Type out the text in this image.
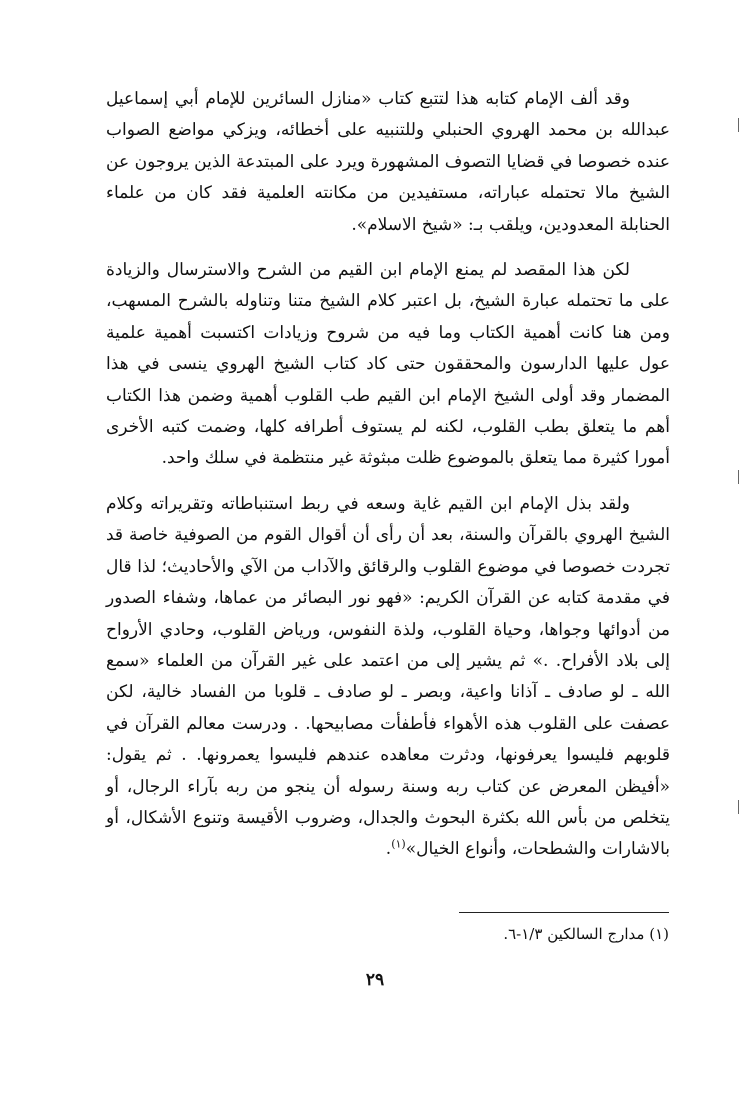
وقد ألف الإمام كتابه هذا لتتبع كتاب «منازل السائرين للإمام أبي إسماعيل عبدالله بن محمد الهروي الحنبلي وللتنبيه على أخطائه، ويزكي مواضع الصواب عنده خصوصا في قضايا التصوف المشهورة ويرد على المبتدعة الذين يروجون عن الشيخ مالا تحتمله عباراته، مستفيدين من مكانته العلمية فقد كان من علماء الحنابلة المعدودين، ويلقب بـ: «شيخ الاسلام».

لكن هذا المقصد لم يمنع الإمام ابن القيم من الشرح والاسترسال والزيادة على ما تحتمله عبارة الشيخ، بل اعتبر كلام الشيخ متنا وتناوله بالشرح المسهب، ومن هنا كانت أهمية الكتاب وما فيه من شروح وزيادات اكتسبت أهمية علمية عول عليها الدارسون والمحققون حتى كاد كتاب الشيخ الهروي ينسى في هذا المضمار وقد أولى الشيخ الإمام ابن القيم طب القلوب أهمية وضمن هذا الكتاب أهم ما يتعلق بطب القلوب، لكنه لم يستوف أطرافه كلها، وضمت كتبه الأخرى أمورا كثيرة مما يتعلق بالموضوع ظلت مبثوثة غير منتظمة في سلك واحد.

ولقد بذل الإمام ابن القيم غاية وسعه في ربط استنباطاته وتقريراته وكلام الشيخ الهروي بالقرآن والسنة، بعد أن رأى أن أقوال القوم من الصوفية خاصة قد تجردت خصوصا في موضوع القلوب والرقائق والآداب من الآي والأحاديث؛ لذا قال في مقدمة كتابه عن القرآن الكريم: «فهو نور البصائر من عماها، وشفاء الصدور من أدوائها وجواها، وحياة القلوب، ولذة النفوس، ورياض القلوب، وحادي الأرواح إلى بلاد الأفراح. .» ثم يشير إلى من اعتمد على غير القرآن من العلماء «سمع الله ـ لو صادف ـ آذانا واعية، وبصر ـ لو صادف ـ قلوبا من الفساد خالية، لكن عصفت على القلوب هذه الأهواء فأطفأت مصابيحها. . ودرست معالم القرآن في قلوبهم فليسوا يعرفونها، ودثرت معاهده عندهم فليسوا يعمرونها. . ثم يقول: «أفيظن المعرض عن كتاب ربه وسنة رسوله أن ينجو من ربه بآراء الرجال، أو يتخلص من بأس الله بكثرة البحوث والجدال، وضروب الأقيسة وتنوع الأشكال، أو بالاشارات والشطحات، وأنواع الخيال»$^{(١)}$.

(١) مدارج السالكين ١/٣-٦.

٢٩
